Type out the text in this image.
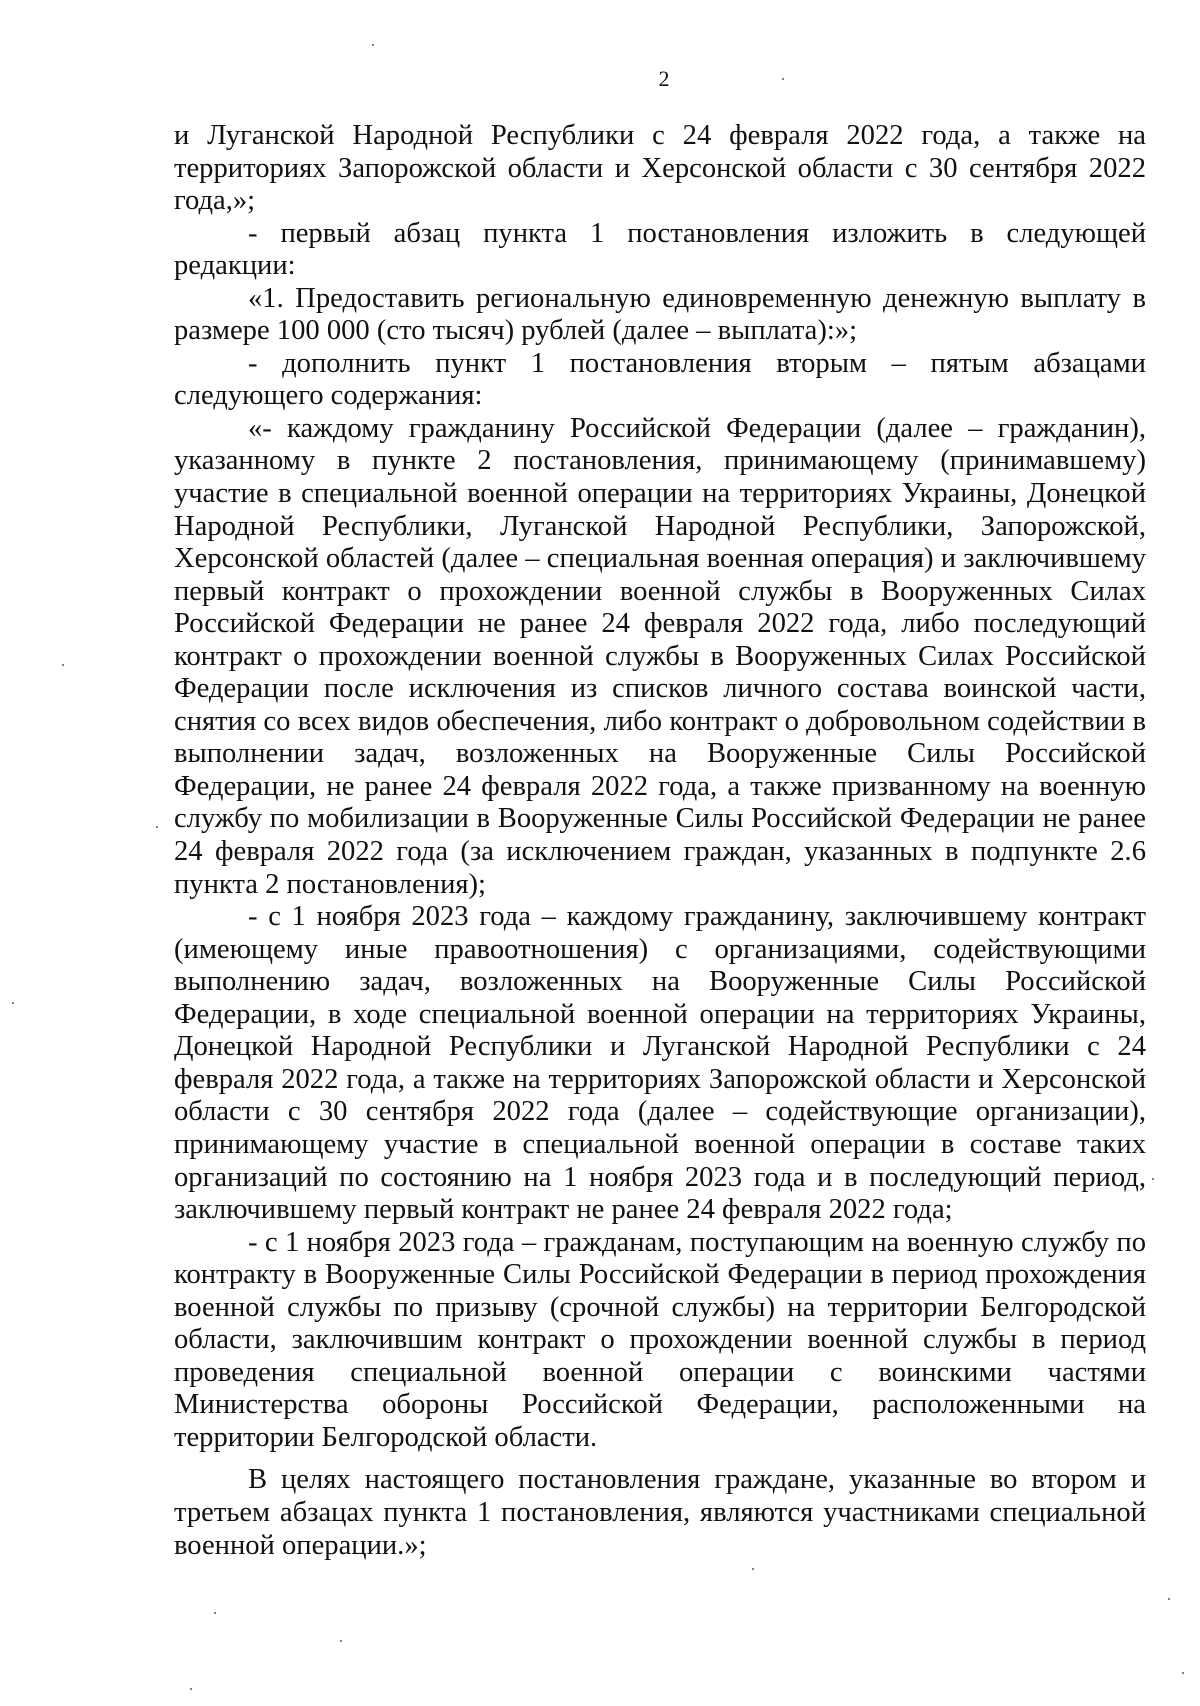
2

и Луганской Народной Республики с 24 февраля 2022 года, а также на территориях Запорожской области и Херсонской области с 30 сентября 2022 года,»;

- первый абзац пункта 1 постановления изложить в следующей редакции:

«1. Предоставить региональную единовременную денежную выплату в размере 100 000 (сто тысяч) рублей (далее – выплата):»;

- дополнить пункт 1 постановления вторым – пятым абзацами следующего содержания:

«- каждому гражданину Российской Федерации (далее – гражданин), указанному в пункте 2 постановления, принимающему (принимавшему) участие в специальной военной операции на территориях Украины, Донецкой Народной Республики, Луганской Народной Республики, Запорожской, Херсонской областей (далее – специальная военная операция) и заключившему первый контракт о прохождении военной службы в Вооруженных Силах Российской Федерации не ранее 24 февраля 2022 года, либо последующий контракт о прохождении военной службы в Вооруженных Силах Российской Федерации после исключения из списков личного состава воинской части, снятия со всех видов обеспечения, либо контракт о добровольном содействии в выполнении задач, возложенных на Вооруженные Силы Российской Федерации, не ранее 24 февраля 2022 года, а также призванному на военную службу по мобилизации в Вооруженные Силы Российской Федерации не ранее 24 февраля 2022 года (за исключением граждан, указанных в подпункте 2.6 пункта 2 постановления);

- с 1 ноября 2023 года – каждому гражданину, заключившему контракт (имеющему иные правоотношения) с организациями, содействующими выполнению задач, возложенных на Вооруженные Силы Российской Федерации, в ходе специальной военной операции на территориях Украины, Донецкой Народной Республики и Луганской Народной Республики с 24 февраля 2022 года, а также на территориях Запорожской области и Херсонской области с 30 сентября 2022 года (далее – содействующие организации), принимающему участие в специальной военной операции в составе таких организаций по состоянию на 1 ноября 2023 года и в последующий период, заключившему первый контракт не ранее 24 февраля 2022 года;

- с 1 ноября 2023 года – гражданам, поступающим на военную службу по контракту в Вооруженные Силы Российской Федерации в период прохождения военной службы по призыву (срочной службы) на территории Белгородской области, заключившим контракт о прохождении военной службы в период проведения специальной военной операции с воинскими частями Министерства обороны Российской Федерации, расположенными на территории Белгородской области.

В целях настоящего постановления граждане, указанные во втором и третьем абзацах пункта 1 постановления, являются участниками специальной военной операции.»;
